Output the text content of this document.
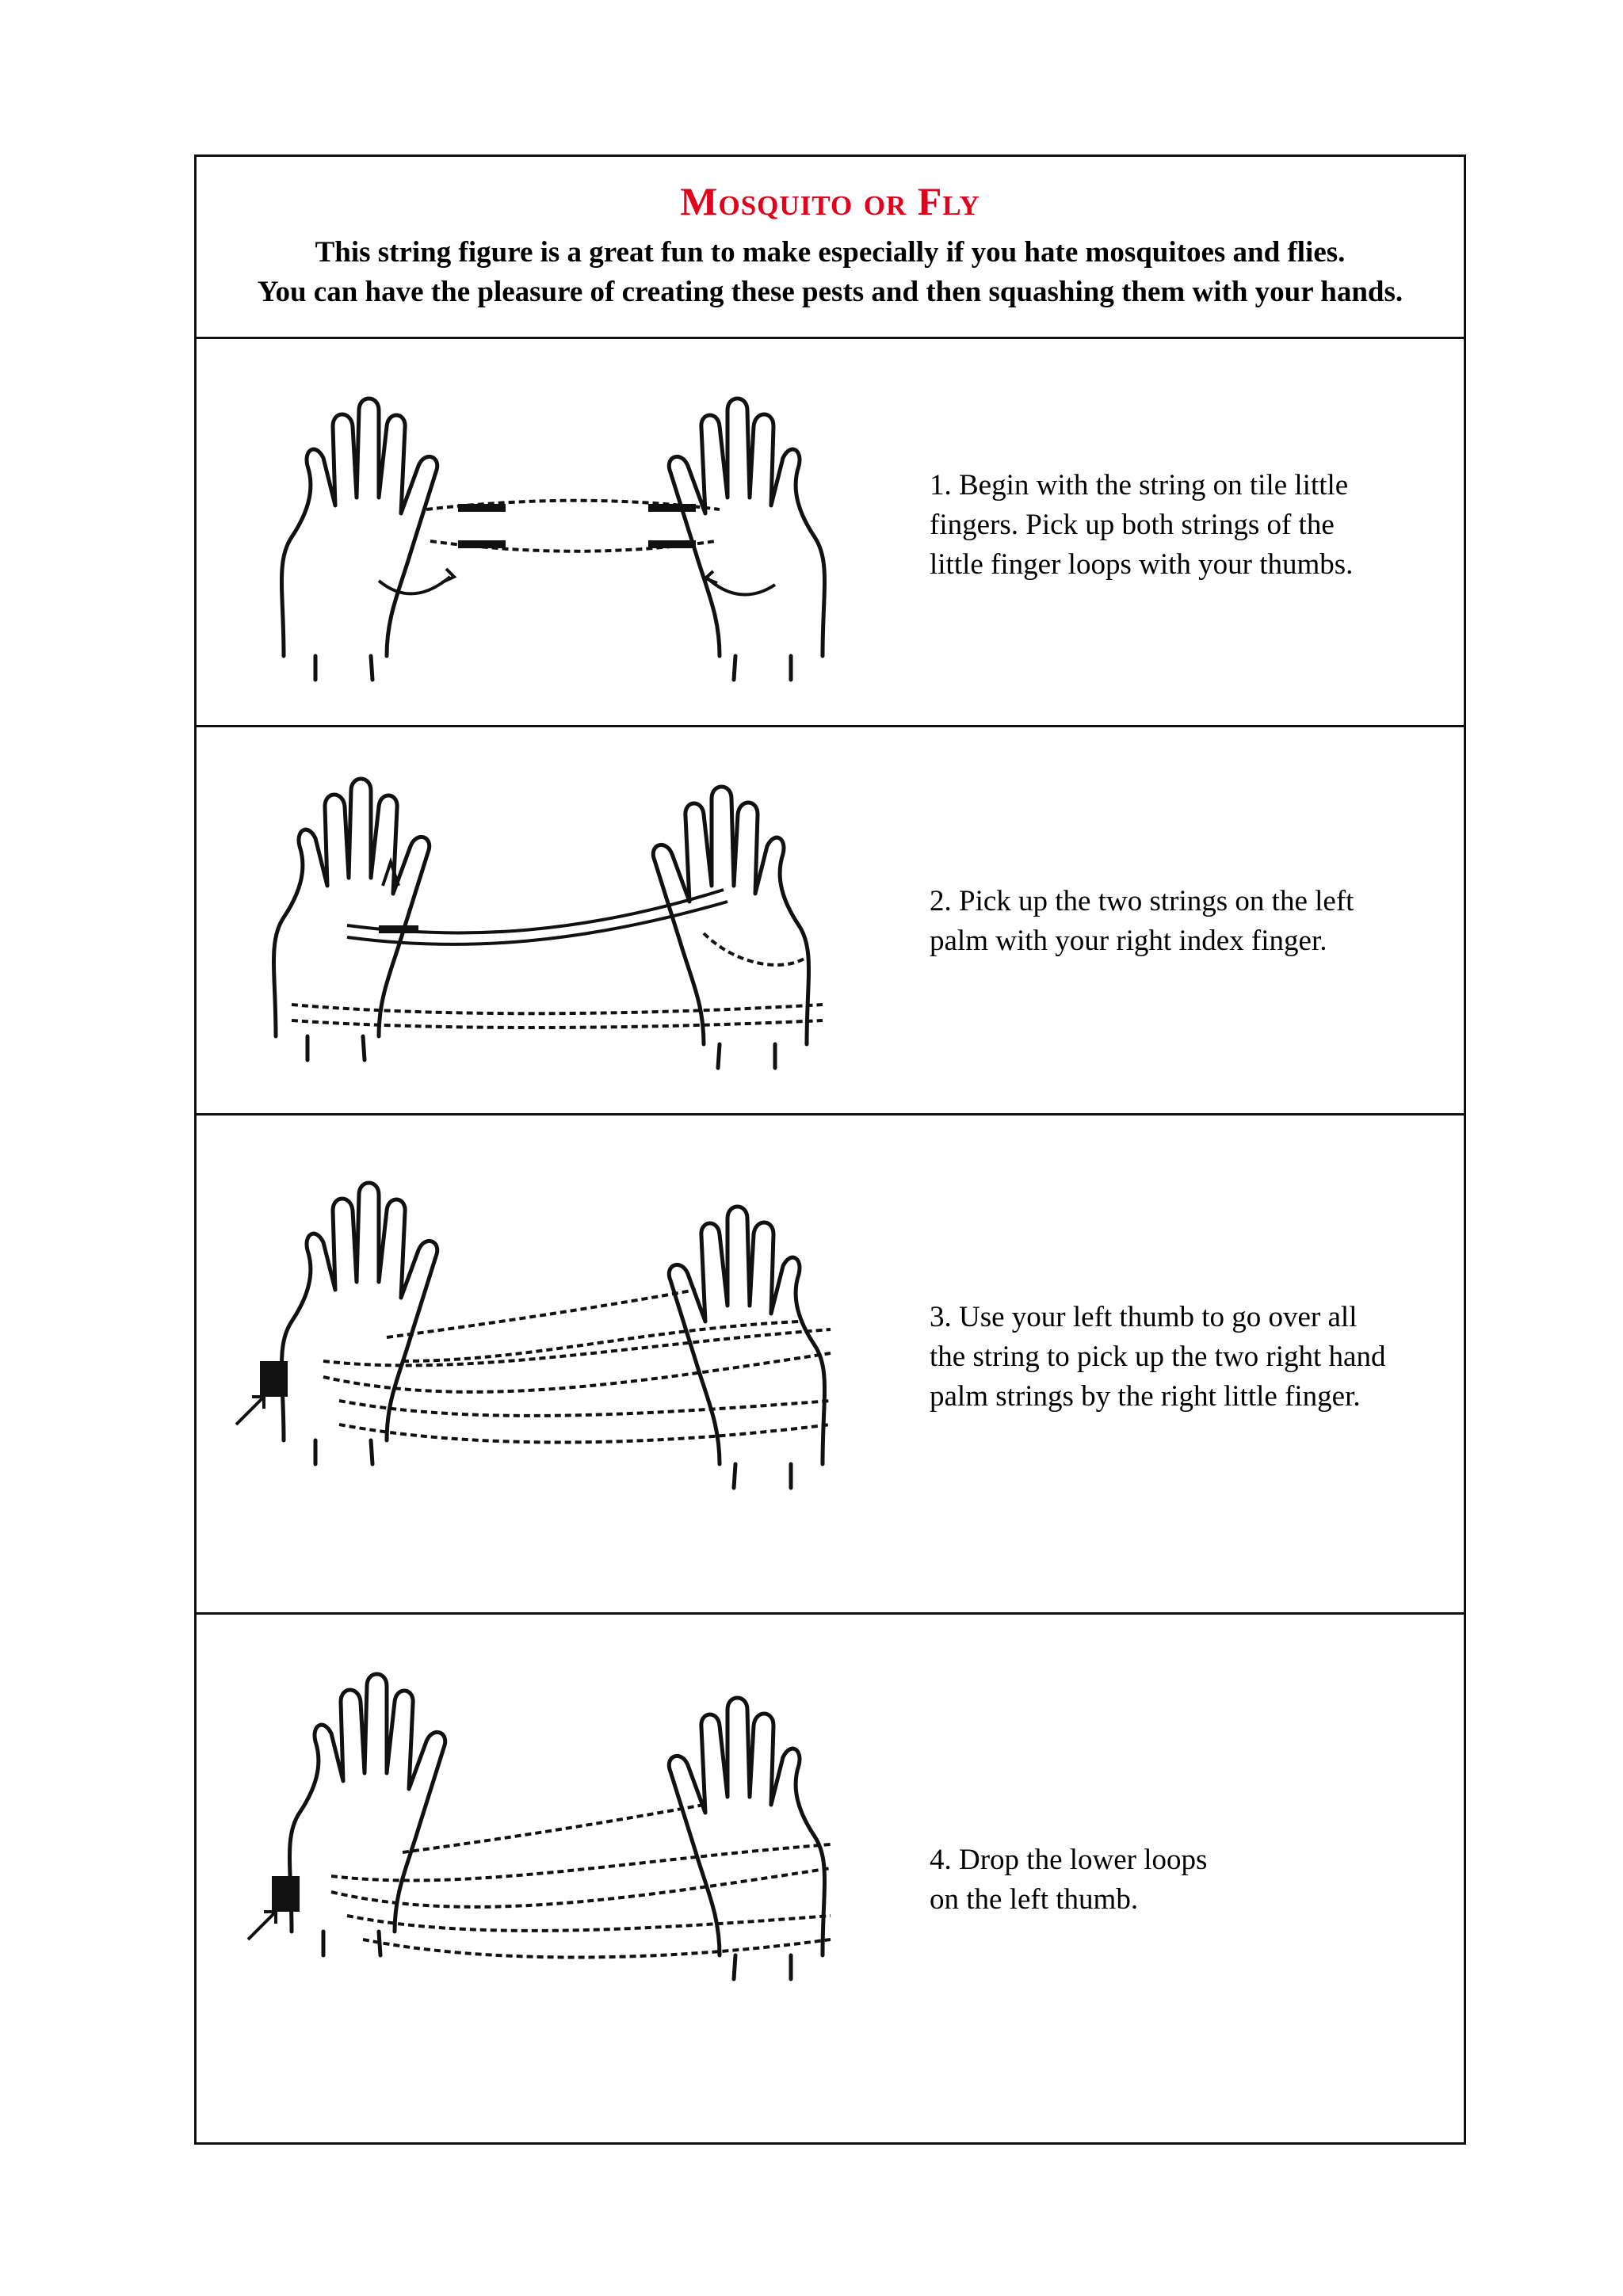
Mosquito or Fly
This string figure is a great fun to make especially if you hate mosquitoes and flies.
You can have the pleasure of creating these pests and then squashing them with your hands.
1. Begin with the string on tile little
fingers. Pick up both strings of the
little finger loops with your thumbs.
2. Pick up the two strings on the left
palm with your right index finger.
3. Use your left thumb to go over all
the string to pick up the two right hand
palm strings by the right little finger.
4. Drop the lower loops
on the left thumb.
